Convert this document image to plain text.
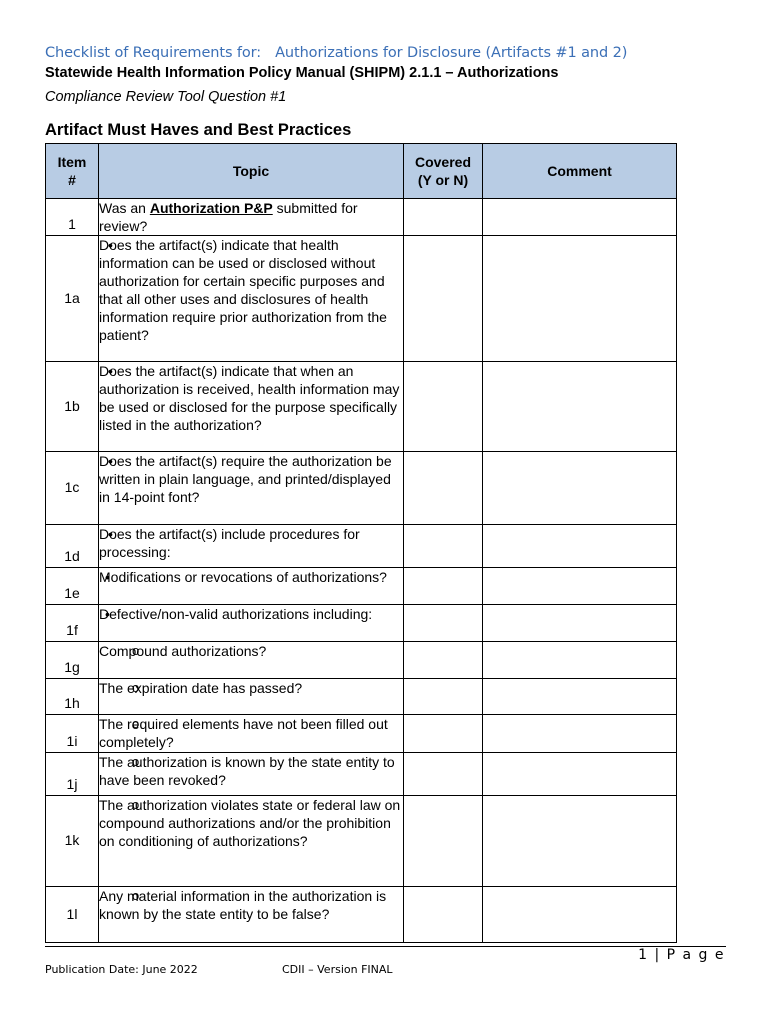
Checklist of Requirements for: Authorizations for Disclosure (Artifacts #1 and 2)
Statewide Health Information Policy Manual (SHIPM) 2.1.1 – Authorizations
Compliance Review Tool Question #1
Artifact Must Haves and Best Practices
Item #	Topic	Covered (Y or N)	Comment
1	Was an Authorization P&P submitted for review?		
1a	• Does the artifact(s) indicate that health information can be used or disclosed without authorization for certain specific purposes and that all other uses and disclosures of health information require prior authorization from the patient?		
1b	• Does the artifact(s) indicate that when an authorization is received, health information may be used or disclosed for the purpose specifically listed in the authorization?		
1c	• Does the artifact(s) require the authorization be written in plain language, and printed/displayed in 14-point font?		
1d	• Does the artifact(s) include procedures for processing:		
1e	• Modifications or revocations of authorizations?		
1f	• Defective/non-valid authorizations including:		
1g	o Compound authorizations?		
1h	o The expiration date has passed?		
1i	o The required elements have not been filled out completely?		
1j	o The authorization is known by the state entity to have been revoked?		
1k	o The authorization violates state or federal law on compound authorizations and/or the prohibition on conditioning of authorizations?		
1l	o Any material information in the authorization is known by the state entity to be false?		
1 | P a g e
Publication Date: June 2022	CDII – Version FINAL
